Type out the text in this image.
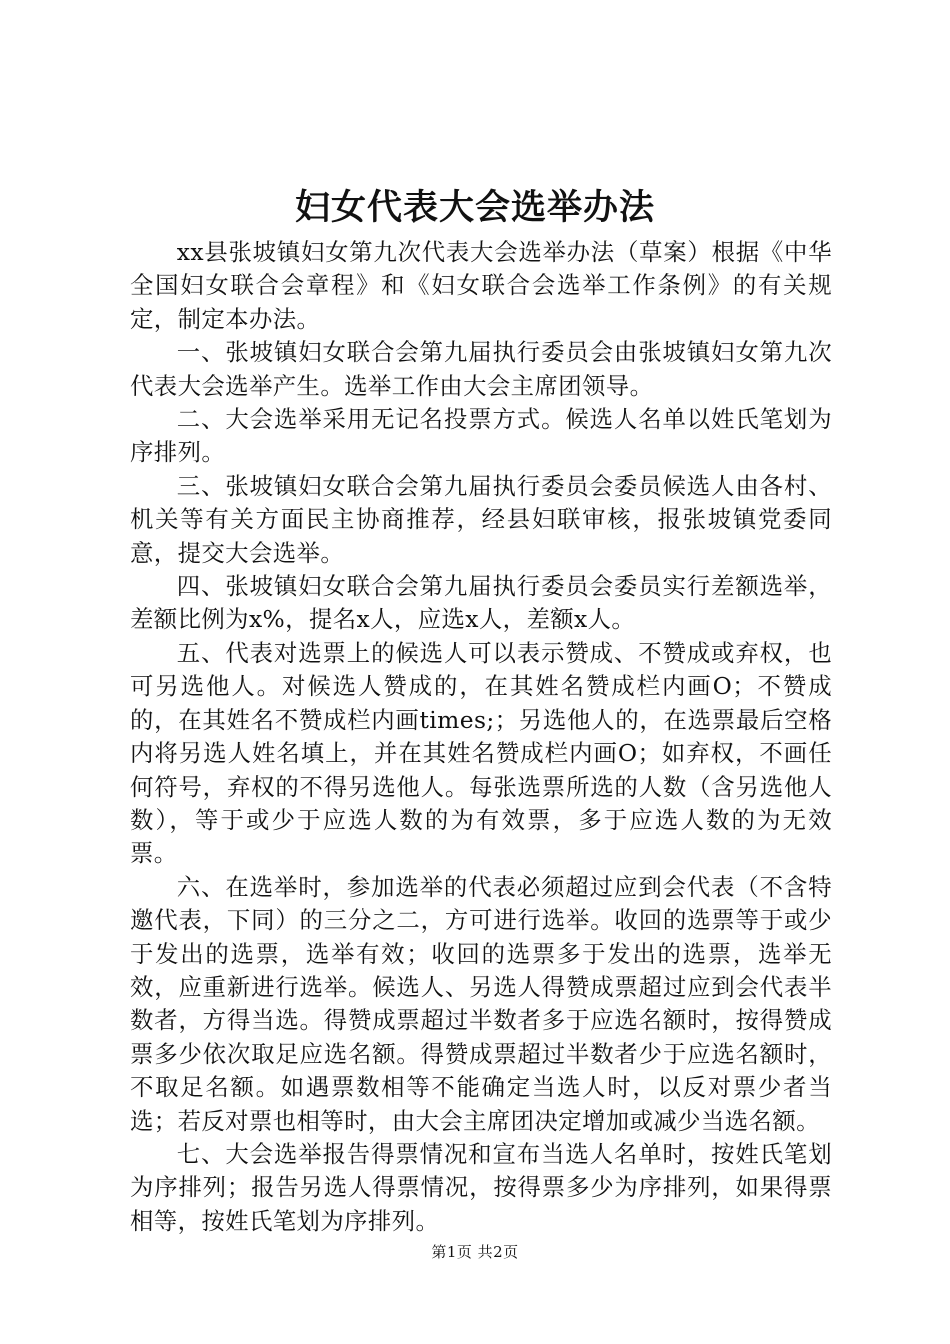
妇女代表大会选举办法

xx县张坡镇妇女第九次代表大会选举办法（草案）根据《中华全国妇女联合会章程》和《妇女联合会选举工作条例》的有关规定，制定本办法。

一、张坡镇妇女联合会第九届执行委员会由张坡镇妇女第九次代表大会选举产生。选举工作由大会主席团领导。

二、大会选举采用无记名投票方式。候选人名单以姓氏笔划为序排列。

三、张坡镇妇女联合会第九届执行委员会委员候选人由各村、机关等有关方面民主协商推荐，经县妇联审核，报张坡镇党委同意，提交大会选举。

四、张坡镇妇女联合会第九届执行委员会委员实行差额选举，差额比例为x%，提名x人，应选x人，差额x人。

五、代表对选票上的候选人可以表示赞成、不赞成或弃权，也可另选他人。对候选人赞成的，在其姓名赞成栏内画O；不赞成的，在其姓名不赞成栏内画times;；另选他人的，在选票最后空格内将另选人姓名填上，并在其姓名赞成栏内画O；如弃权，不画任何符号，弃权的不得另选他人。每张选票所选的人数（含另选他人数），等于或少于应选人数的为有效票，多于应选人数的为无效票。

六、在选举时，参加选举的代表必须超过应到会代表（不含特邀代表，下同）的三分之二，方可进行选举。收回的选票等于或少于发出的选票，选举有效；收回的选票多于发出的选票，选举无效，应重新进行选举。候选人、另选人得赞成票超过应到会代表半数者，方得当选。得赞成票超过半数者多于应选名额时，按得赞成票多少依次取足应选名额。得赞成票超过半数者少于应选名额时，不取足名额。如遇票数相等不能确定当选人时，以反对票少者当选；若反对票也相等时，由大会主席团决定增加或减少当选名额。

七、大会选举报告得票情况和宣布当选人名单时，按姓氏笔划为序排列；报告另选人得票情况，按得票多少为序排列，如果得票相等，按姓氏笔划为序排列。

第1页 共2页
